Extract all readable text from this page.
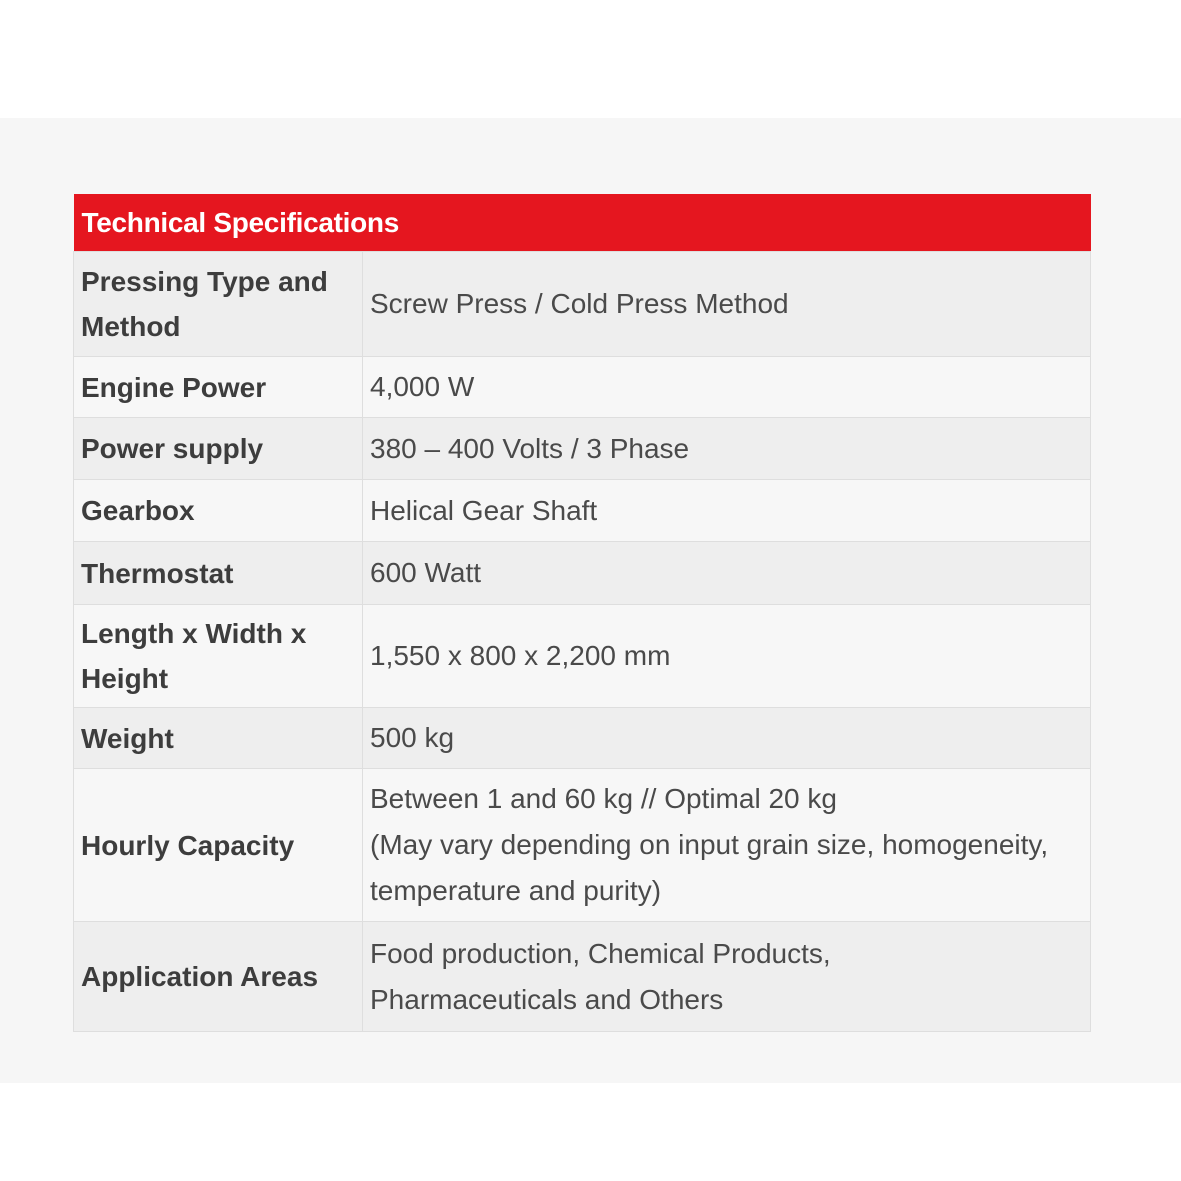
Technical Specifications	
Pressing Type and Method	Screw Press / Cold Press Method

Engine Power	4,000 W

Power supply	380 – 400 Volts / 3 Phase

Gearbox	Helical Gear Shaft

Thermostat	600 Watt

Length x Width x Height	1,550 x 800 x 2,200 mm

Weight	500 kg

Hourly Capacity	Between 1 and 60 kg // Optimal 20 kg
(May vary depending on input grain size, homogeneity,
temperature and purity)

Application Areas	Food production, Chemical Products,
Pharmaceuticals and Others
